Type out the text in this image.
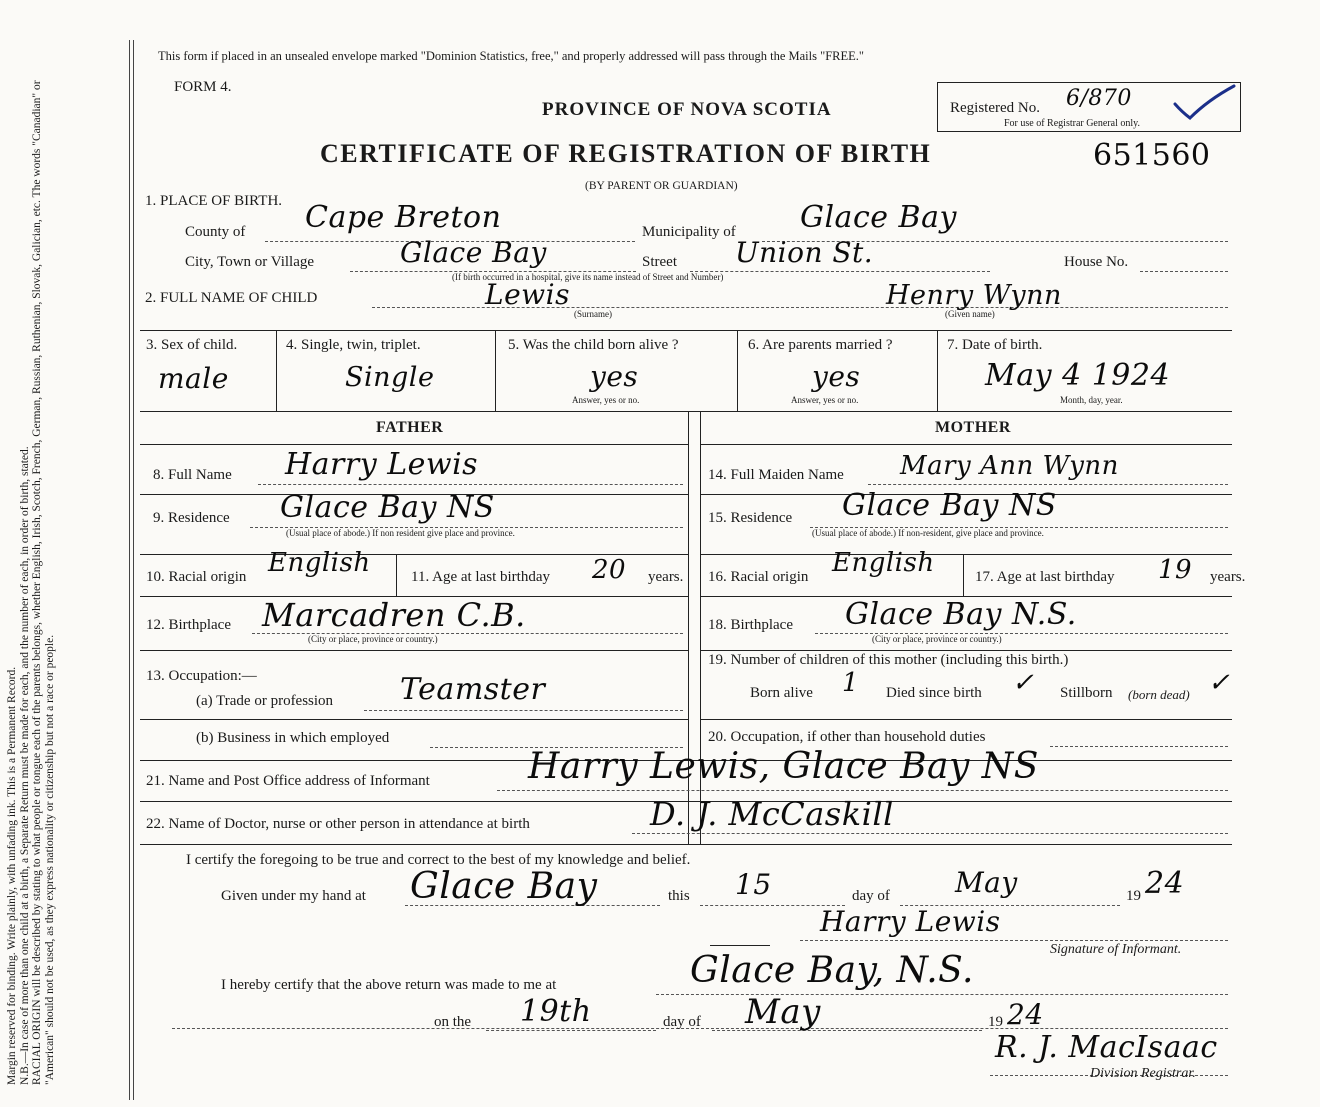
Margin reserved for binding. Write plainly, with unfading ink. This is a Permanent Record. N.B.—In case of more than one child at a birth, a Separate Return must be made for each, and the number of each, in order of birth, stated. RACIAL ORIGIN will be described by stating to what people or tongue each of the parents belongs, whether English, Irish, Scotch, French, German, Russian, Ruthenian, Slovak, Galician, etc. The words "Canadian" or "American" should not be used, as they express nationality or citizenship but not a race or people.
This form if placed in an unsealed envelope marked "Dominion Statistics, free," and properly addressed will pass through the Mails "FREE."
FORM 4.
PROVINCE OF NOVA SCOTIA	Registered No. 6/870
For use of Registrar General only.
CERTIFICATE OF REGISTRATION OF BIRTH	651560
(BY PARENT OR GUARDIAN)
1. PLACE OF BIRTH.
County of Cape Breton	Municipality of Glace Bay
City, Town or Village	Glace Bay	Street Union St.	House No.
(If birth occurred in a hospital, give its name instead of Street and Number)
2. FULL NAME OF CHILD	Lewis
(Surname)
Henry Wynn
(Given name)
3. Sex of child.
male
4. Single, twin, triplet.
Single
5. Was the child born alive ?
yes
Answer, yes or no.
6. Are parents married ?
yes
Answer, yes or no.
7. Date of birth.
May 4 1924
Month, day, year.
FATHER	MOTHER
8. Full Name Harry Lewis
9. Residence Glace Bay NS
(Usual place of abode.) If non resident give place and province.
10. Racial origin English	11. Age at last birthday 20 years.
12. Birthplace Marcadren C.B.
(City or place, province or country.)
13. Occupation:—
(a) Trade or profession Teamster
(b) Business in which employed
14. Full Maiden Name Mary Ann Wynn
15. Residence Glace Bay NS
(Usual place of abode.) If non-resident, give place and province.
16. Racial origin English	17. Age at last birthday 19 years.
18. Birthplace Glace Bay N.S.
(City or place, province or country.)
19. Number of children of this mother (including this birth.)
Born alive 1 Died since birth ✓ Stillborn (born dead) ✓
20. Occupation, if other than household duties
21. Name and Post Office address of Informant	Harry Lewis, Glace Bay NS
22. Name of Doctor, nurse or other person in attendance at birth	D. J. McCaskill
I certify the foregoing to be true and correct to the best of my knowledge and belief.
Given under my hand at Glace Bay	this 15	day of May	19 24
Harry Lewis
Signature of Informant.
I hereby certify that the above return was made to me at	Glace Bay, N.S.
on the 19th	day of May	19 24
R. J. MacIsaac
Division Registrar.
